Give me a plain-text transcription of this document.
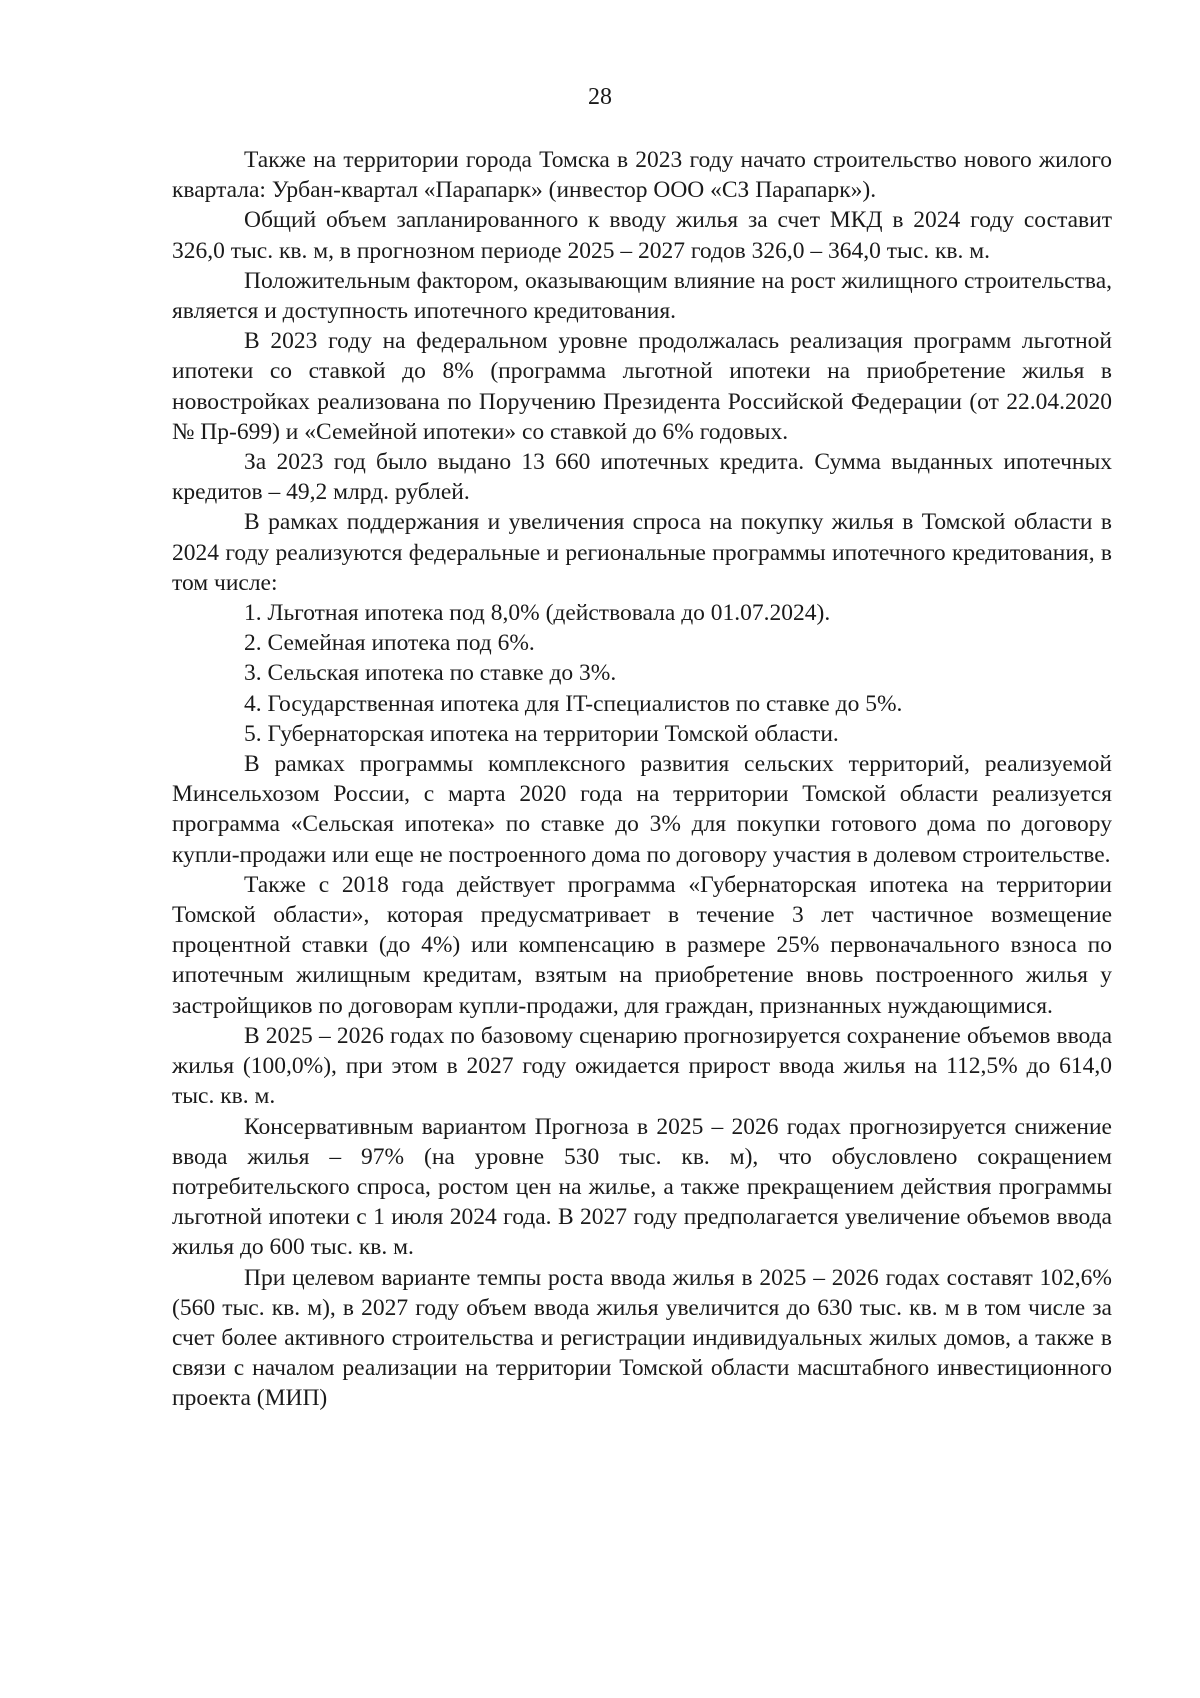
28

Также на территории города Томска в 2023 году начато строительство нового жилого квартала: Урбан-квартал «Парапарк» (инвестор ООО «СЗ Парапарк»).

Общий объем запланированного к вводу жилья за счет МКД в 2024 году составит 326,0 тыс. кв. м, в прогнозном периоде 2025 – 2027 годов 326,0 – 364,0 тыс. кв. м.

Положительным фактором, оказывающим влияние на рост жилищного строительства, является и доступность ипотечного кредитования.

В 2023 году на федеральном уровне продолжалась реализация программ льготной ипотеки со ставкой до 8% (программа льготной ипотеки на приобретение жилья в новостройках реализована по Поручению Президента Российской Федерации (от 22.04.2020 № Пр-699) и «Семейной ипотеки» со ставкой до 6% годовых.

За 2023 год было выдано 13 660 ипотечных кредита. Сумма выданных ипотечных кредитов – 49,2 млрд. рублей.

В рамках поддержания и увеличения спроса на покупку жилья в Томской области в 2024 году реализуются федеральные и региональные программы ипотечного кредитования, в том числе:

1. Льготная ипотека под 8,0% (действовала до 01.07.2024).

2. Семейная ипотека под 6%.

3. Сельская ипотека по ставке до 3%.

4. Государственная ипотека для IT-специалистов по ставке до 5%.

5. Губернаторская ипотека на территории Томской области.

В рамках программы комплексного развития сельских территорий, реализуемой Минсельхозом России, с марта 2020 года на территории Томской области реализуется программа «Сельская ипотека» по ставке до 3% для покупки готового дома по договору купли-продажи или еще не построенного дома по договору участия в долевом строительстве.

Также с 2018 года действует программа «Губернаторская ипотека на территории Томской области», которая предусматривает в течение 3 лет частичное возмещение процентной ставки (до 4%) или компенсацию в размере 25% первоначального взноса по ипотечным жилищным кредитам, взятым на приобретение вновь построенного жилья у застройщиков по договорам купли-продажи, для граждан, признанных нуждающимися.

В 2025 – 2026 годах по базовому сценарию прогнозируется сохранение объемов ввода жилья (100,0%), при этом в 2027 году ожидается прирост ввода жилья на 112,5% до 614,0 тыс. кв. м.

Консервативным вариантом Прогноза в 2025 – 2026 годах прогнозируется снижение ввода жилья – 97% (на уровне 530 тыс. кв. м), что обусловлено сокращением потребительского спроса, ростом цен на жилье, а также прекращением действия программы льготной ипотеки с 1 июля 2024 года. В 2027 году предполагается увеличение объемов ввода жилья до 600 тыс. кв. м.

При целевом варианте темпы роста ввода жилья в 2025 – 2026 годах составят 102,6% (560 тыс. кв. м), в 2027 году объем ввода жилья увеличится до 630 тыс. кв. м в том числе за счет более активного строительства и регистрации индивидуальных жилых домов, а также в связи с началом реализации на территории Томской области масштабного инвестиционного проекта (МИП)
